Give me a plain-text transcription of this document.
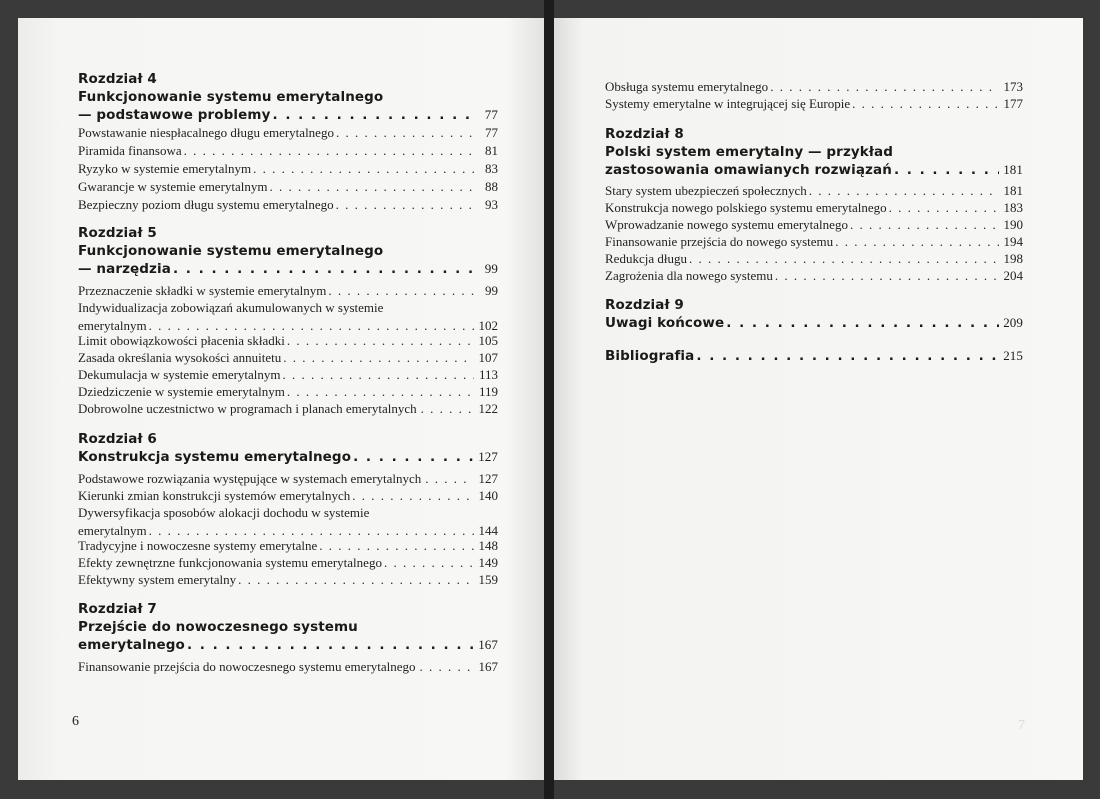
Rozdział 4
Funkcjonowanie systemu emerytalnego
— podstawowe problemy . . .	77
Powstawanie niespłacalnego długu emerytalnego . . .	77
Piramida finansowa . . .	81
Ryzyko w systemie emerytalnym . . .	83
Gwarancje w systemie emerytalnym . . .	88
Bezpieczny poziom długu systemu emerytalnego . . .	93
Rozdział 5
Funkcjonowanie systemu emerytalnego
— narzędzia . . .	99
Przeznaczenie składki w systemie emerytalnym . . .	99
Indywidualizacja zobowiązań akumulowanych w systemie
emerytalnym . . .	102
Limit obowiązkowości płacenia składki . . .	105
Zasada określania wysokości annuitetu . . .	107
Dekumulacja w systemie emerytalnym . . .	113
Dziedziczenie w systemie emerytalnym . . .	119
Dobrowolne uczestnictwo w programach i planach emerytalnych . . .	122
Rozdział 6
Konstrukcja systemu emerytalnego . . .	127
Podstawowe rozwiązania występujące w systemach emerytalnych . . .	127
Kierunki zmian konstrukcji systemów emerytalnych . . .	140
Dywersyfikacja sposobów alokacji dochodu w systemie
emerytalnym . . .	144
Tradycyjne i nowoczesne systemy emerytalne . . .	148
Efekty zewnętrzne funkcjonowania systemu emerytalnego . . .	149
Efektywny system emerytalny . . .	159
Rozdział 7
Przejście do nowoczesnego systemu
emerytalnego . . .	167
Finansowanie przejścia do nowoczesnego systemu emerytalnego . . .	167
6
Obsługa systemu emerytalnego . . .	173
Systemy emerytalne w integrującej się Europie . . .	177
Rozdział 8
Polski system emerytalny — przykład
zastosowania omawianych rozwiązań . . .	181
Stary system ubezpieczeń społecznych . . .	181
Konstrukcja nowego polskiego systemu emerytalnego . . .	183
Wprowadzanie nowego systemu emerytalnego . . .	190
Finansowanie przejścia do nowego systemu . . .	194
Redukcja długu . . .	198
Zagrożenia dla nowego systemu . . .	204
Rozdział 9
Uwagi końcowe . . .	209
Bibliografia . . .	215
7
